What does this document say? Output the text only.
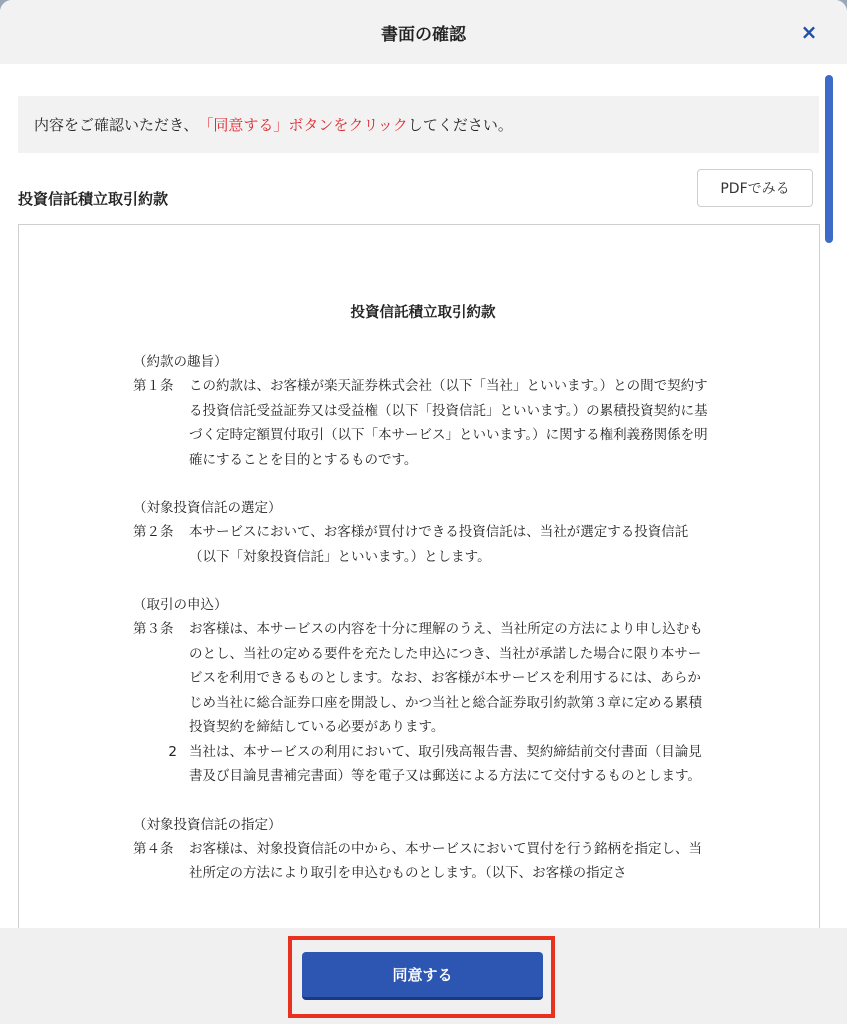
書面の確認	×
内容をご確認いただき、 「同意する」ボタンをクリック してください。
投資信託積立取引約款
PDFでみる
投資信託積立取引約款
（約款の趣旨）
第１条	この約款は、お客様が楽天証券株式会社（以下「当社」といいます。）との間で契約する投資信託受益証券又は受益権（以下「投資信託」といいます。）の累積投資契約に基づく定時定額買付取引（以下「本サービス」といいます。）に関する権利義務関係を明確にすることを目的とするものです。
（対象投資信託の選定）
第２条	本サービスにおいて、お客様が買付けできる投資信託は、当社が選定する投資信託（以下「対象投資信託」といいます。）とします。
（取引の申込）
第３条	お客様は、本サービスの内容を十分に理解のうえ、当社所定の方法により申し込むものとし、当社の定める要件を充たした申込につき、当社が承諾した場合に限り本サービスを利用できるものとします。なお、お客様が本サービスを利用するには、あらかじめ当社に総合証券口座を開設し、かつ当社と総合証券取引約款第３章に定める累積投資契約を締結している必要があります。
2 当社は、本サービスの利用において、取引残高報告書、契約締結前交付書面（目論見書及び目論見書補完書面）等を電子又は郵送による方法にて交付するものとします。
（対象投資信託の指定）
第４条	お客様は、対象投資信託の中から、本サービスにおいて買付を行う銘柄を指定し、当社所定の方法により取引を申込むものとします。（以下、お客様の指定さ
同意する
